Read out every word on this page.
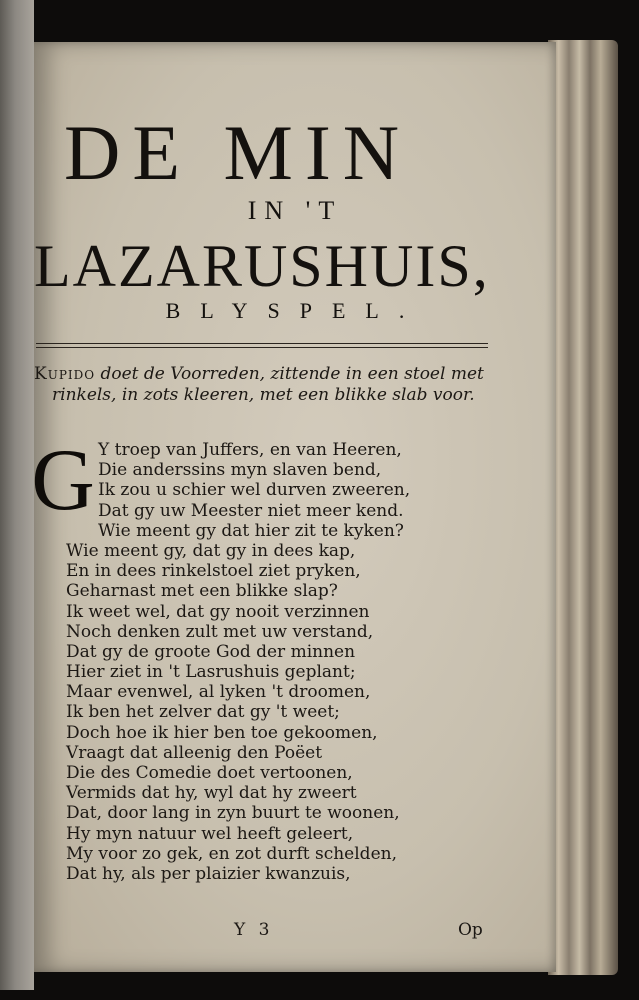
DE MIN
IN 'T
LAZARUSHUIS,
BLYSPEL.

Kupido doet de Voorreden, zittende in een stoel met

rinkels, in zots kleeren, met een blikke slab voor.

G Y troep van Juffers, en van Heeren,
Die anderssins myn slaven bend,
Ik zou u schier wel durven zweeren,
Dat gy uw Meester niet meer kend.
Wie meent gy dat hier zit te kyken?
Wie meent gy, dat gy in dees kap,
En in dees rinkelstoel ziet pryken,
Geharnast met een blikke slap?
Ik weet wel, dat gy nooit verzinnen
Noch denken zult met uw verstand,
Dat gy de groote God der minnen
Hier ziet in 't Lasrushuis geplant;
Maar evenwel, al lyken 't droomen,
Ik ben het zelver dat gy 't weet;
Doch hoe ik hier ben toe gekoomen,
Vraagt dat alleenig den Poëet
Die des Comedie doet vertoonen,
Vermids dat hy, wyl dat hy zweert
Dat, door lang in zyn buurt te woonen,
Hy myn natuur wel heeft geleert,
My voor zo gek, en zot durft schelden,
Dat hy, als per plaizier kwanzuis,
Y 3	Op
